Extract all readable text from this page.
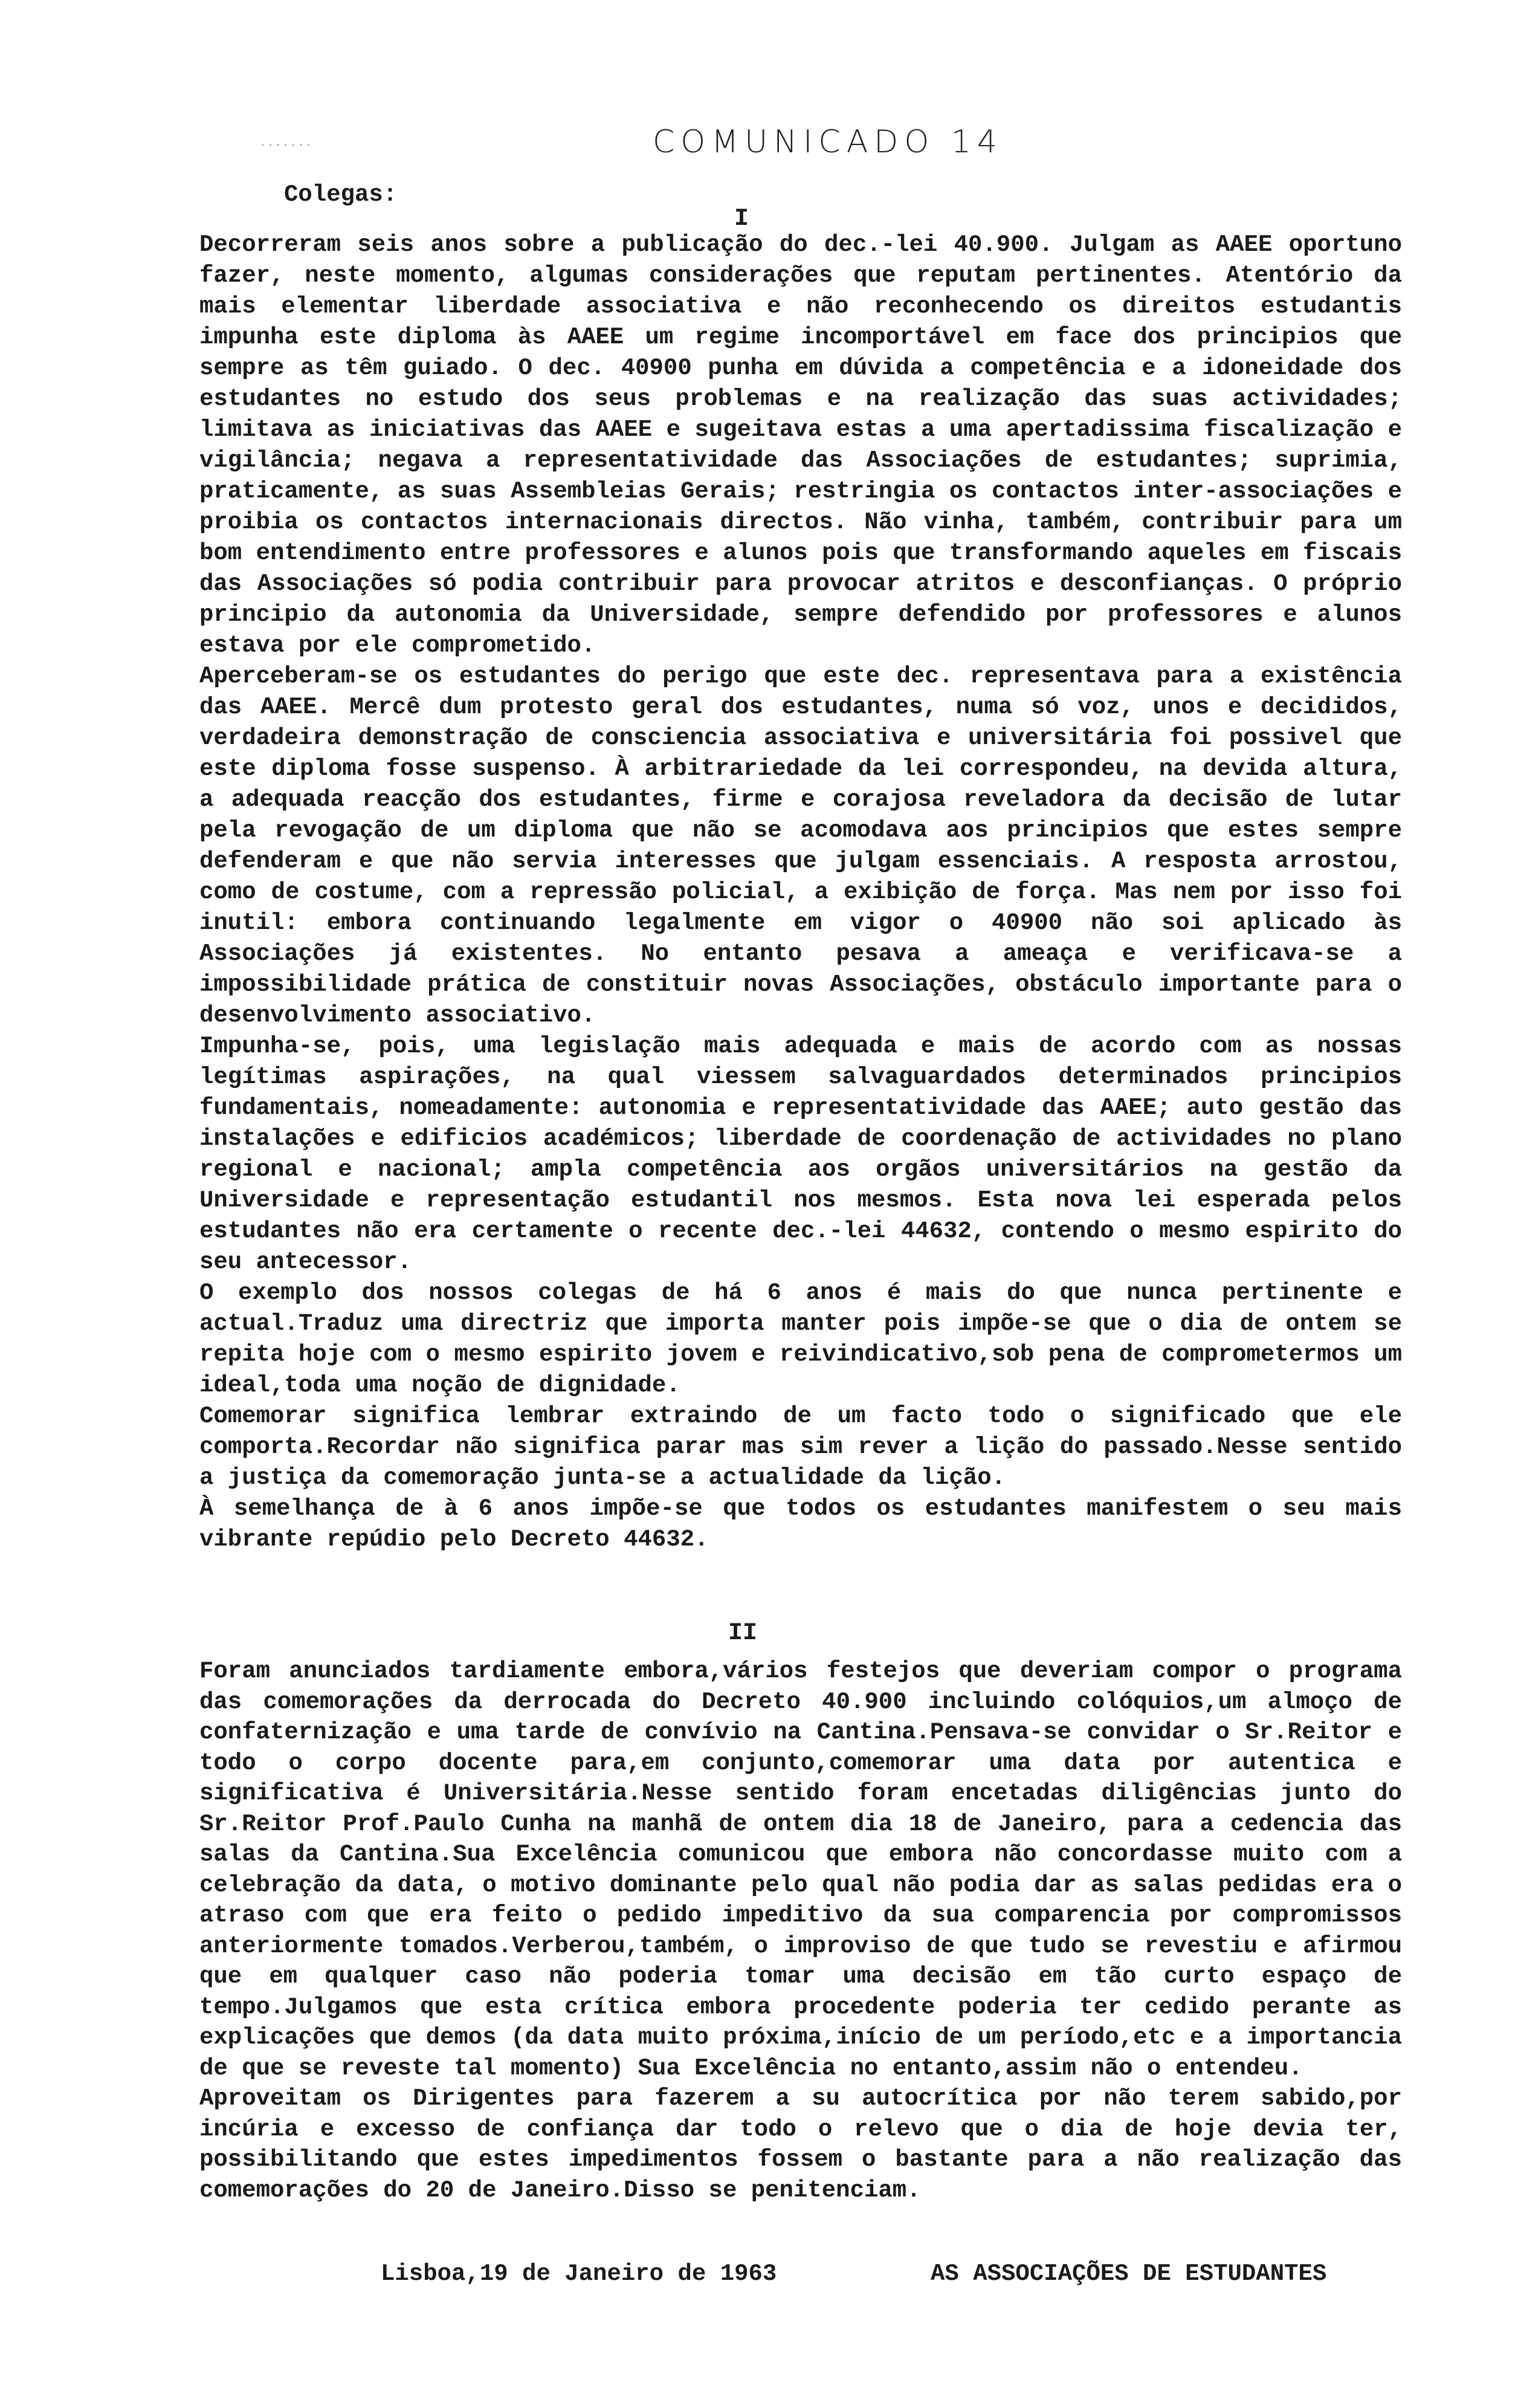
.......	COMUNICADO 14
Colegas:
I

Decorreram seis anos sobre a publicação do dec.-lei 40.900. Julgam as AAEE oportuno fazer, neste momento, algumas considerações que reputam pertinentes. Atentório da mais elementar liberdade associativa e não reconhecendo os direitos estudantis impunha este diploma às AAEE um regime incomportável em face dos principios que sempre as têm guiado. O dec. 40900 punha em dúvida a competência e a idoneidade dos estudantes no estudo dos seus problemas e na realização das suas actividades; limitava as iniciativas das AAEE e sugeitava estas a uma apertadissima fiscalização e vigilância; negava a representatividade das Associações de estudantes; suprimia, praticamente, as suas Assembleias Gerais; restringia os contactos inter-associações e proibia os contactos internacionais directos. Não vinha, também, contribuir para um bom entendimento entre professores e alunos pois que transformando aqueles em fiscais das Associações só podia contribuir para provocar atritos e desconfianças. O próprio principio da autonomia da Universidade, sempre defendido por professores e alunos estava por ele comprometido.

Aperceberam-se os estudantes do perigo que este dec. representava para a existência das AAEE. Mercê dum protesto geral dos estudantes, numa só voz, unos e decididos, verdadeira demonstração de consciencia associativa e universitária foi possivel que este diploma fosse suspenso. À arbitrariedade da lei correspondeu, na devida altura, a adequada reacção dos estudantes, firme e corajosa reveladora da decisão de lutar pela revogação de um diploma que não se acomodava aos principios que estes sempre defenderam e que não servia interesses que julgam essenciais. A resposta arrostou, como de costume, com a repressão policial, a exibição de força. Mas nem por isso foi inutil: embora continuando legalmente em vigor o 40900 não soi aplicado às Associações já existentes. No entanto pesava a ameaça e verificava-se a impossibilidade prática de constituir novas Associações, obstáculo importante para o desenvolvimento associativo.

Impunha-se, pois, uma legislação mais adequada e mais de acordo com as nossas legítimas aspirações, na qual viessem salvaguardados determinados principios fundamentais, nomeadamente: autonomia e representatividade das AAEE; auto gestão das instalações e edificios académicos; liberdade de coordenação de actividades no plano regional e nacional; ampla competência aos orgãos universitários na gestão da Universidade e representação estudantil nos mesmos. Esta nova lei esperada pelos estudantes não era certamente o recente dec.-lei 44632, contendo o mesmo espirito do seu antecessor.

O exemplo dos nossos colegas de há 6 anos é mais do que nunca pertinente e actual.Traduz uma directriz que importa manter pois impõe-se que o dia de ontem se repita hoje com o mesmo espirito jovem e reivindicativo,sob pena de comprometermos um ideal,toda uma noção de dignidade.

Comemorar significa lembrar extraindo de um facto todo o significado que ele comporta.Recordar não significa parar mas sim rever a lição do passado.Nesse sentido a justiça da comemoração junta-se a actualidade da lição.

À semelhança de à 6 anos impõe-se que todos os estudantes manifestem o seu mais vibrante repúdio pelo Decreto 44632.

II

Foram anunciados tardiamente embora,vários festejos que deveriam compor o programa das comemorações da derrocada do Decreto 40.900 incluindo colóquios,um almoço de confaternização e uma tarde de convívio na Cantina.Pensava-se convidar o Sr.Reitor e todo o corpo docente para,em conjunto,comemorar uma data por autentica e significativa é Universitária.Nesse sentido foram encetadas diligências junto do Sr.Reitor Prof.Paulo Cunha na manhã de ontem dia 18 de Janeiro, para a cedencia das salas da Cantina.Sua Excelência comunicou que embora não concordasse muito com a celebração da data, o motivo dominante pelo qual não podia dar as salas pedidas era o atraso com que era feito o pedido impeditivo da sua comparencia por compromissos anteriormente tomados.Verberou,também, o improviso de que tudo se revestiu e afirmou que em qualquer caso não poderia tomar uma decisão em tão curto espaço de tempo.Julgamos que esta crítica embora procedente poderia ter cedido perante as explicações que demos (da data muito próxima,início de um período,etc e a importancia de que se reveste tal momento) Sua Excelência no entanto,assim não o entendeu.

Aproveitam os Dirigentes para fazerem a su autocrítica por não terem sabido,por incúria e excesso de confiança dar todo o relevo que o dia de hoje devia ter, possibilitando que estes impedimentos fossem o bastante para a não realização das comemorações do 20 de Janeiro.Disso se penitenciam.

Lisboa,19 de Janeiro de 1963	AS ASSOCIAÇÕES DE ESTUDANTES
